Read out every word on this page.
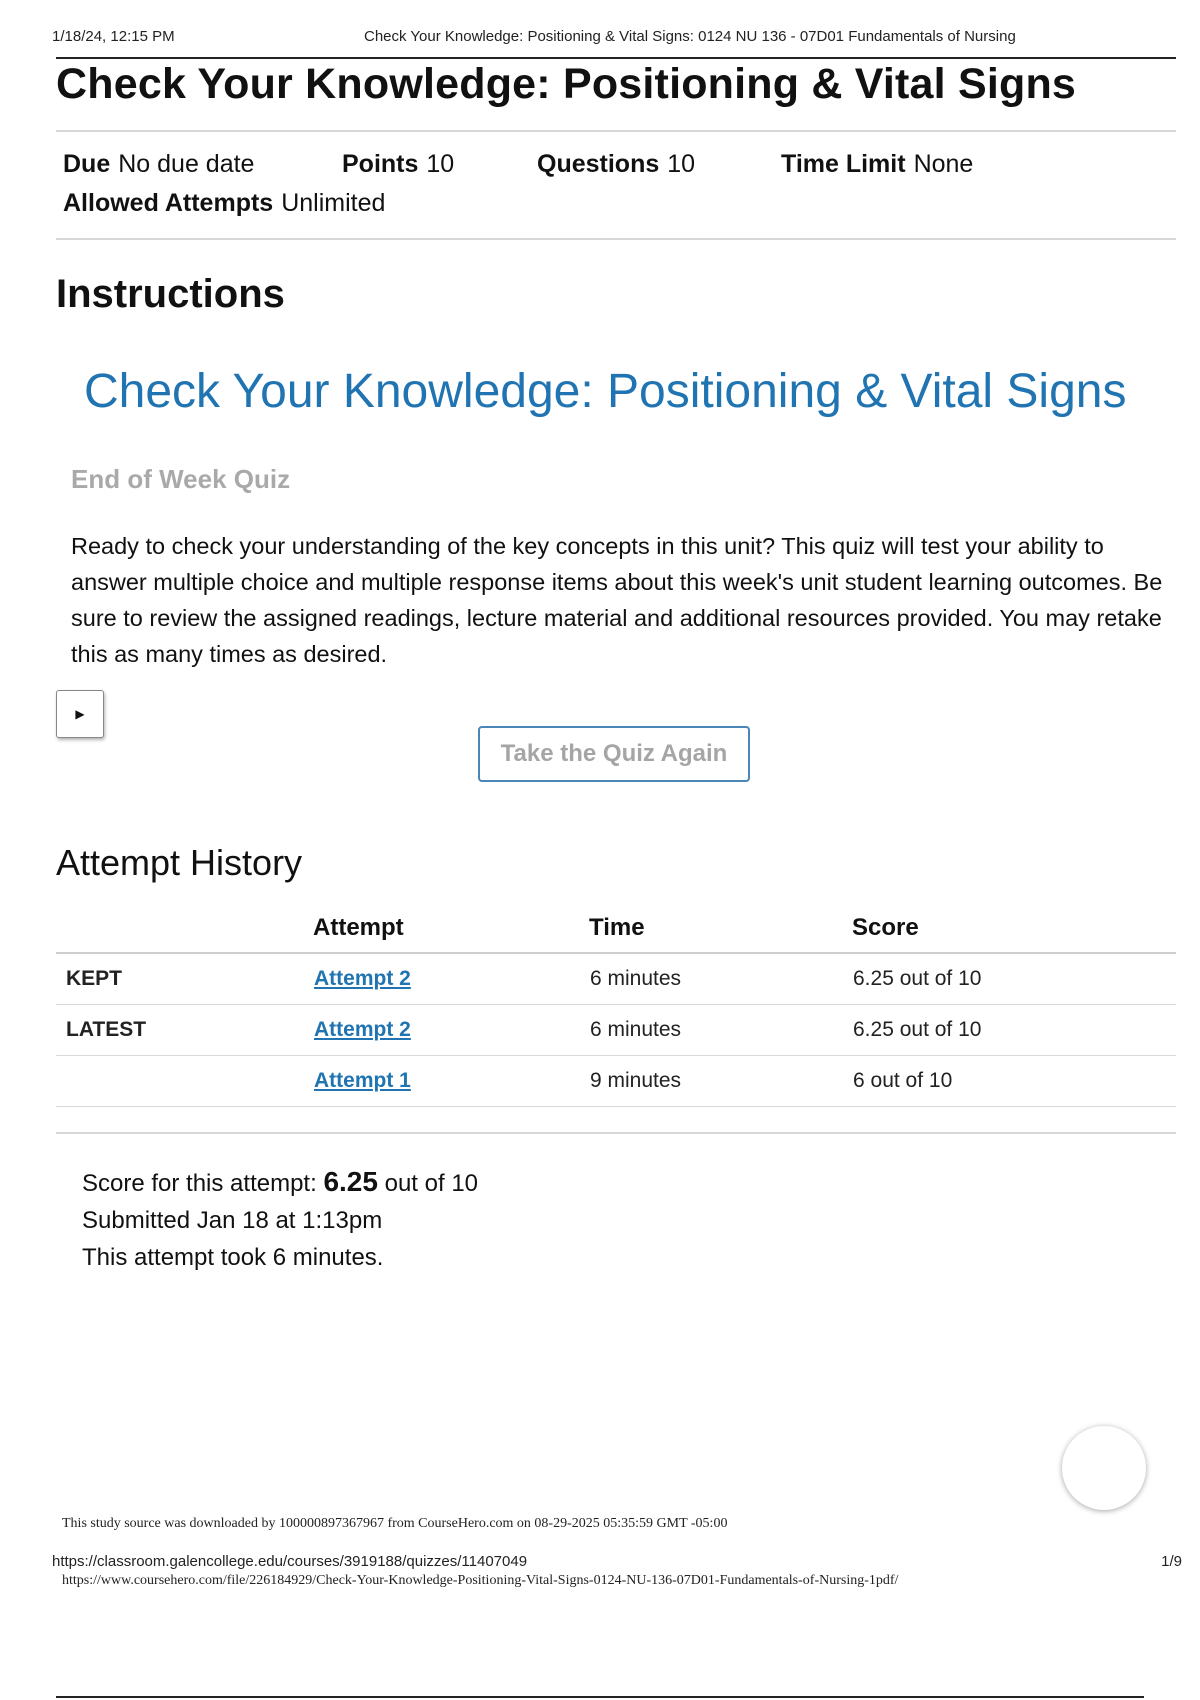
1/18/24, 12:15 PM	Check Your Knowledge: Positioning & Vital Signs: 0124 NU 136 - 07D01 Fundamentals of Nursing
Check Your Knowledge: Positioning & Vital Signs
Due No due date	Points 10	Questions 10	Time Limit None
Allowed Attempts Unlimited
Instructions
Check Your Knowledge: Positioning & Vital Signs
End of Week Quiz

Ready to check your understanding of the key concepts in this unit? This quiz will test your ability to answer multiple choice and multiple response items about this week's unit student learning outcomes. Be sure to review the assigned readings, lecture material and additional resources provided. You may retake this as many times as desired.

▶
Take the Quiz Again
Attempt History
	Attempt	Time	Score
KEPT	Attempt 2	6 minutes	6.25 out of 10
LATEST	Attempt 2	6 minutes	6.25 out of 10
	Attempt 1	9 minutes	6 out of 10
Score for this attempt: 6.25 out of 10
Submitted Jan 18 at 1:13pm
This attempt took 6 minutes.
This study source was downloaded by 100000897367967 from CourseHero.com on 08-29-2025 05:35:59 GMT -05:00
https://classroom.galencollege.edu/courses/3919188/quizzes/11407049	1/9
https://www.coursehero.com/file/226184929/Check-Your-Knowledge-Positioning-Vital-Signs-0124-NU-136-07D01-Fundamentals-of-Nursing-1pdf/
